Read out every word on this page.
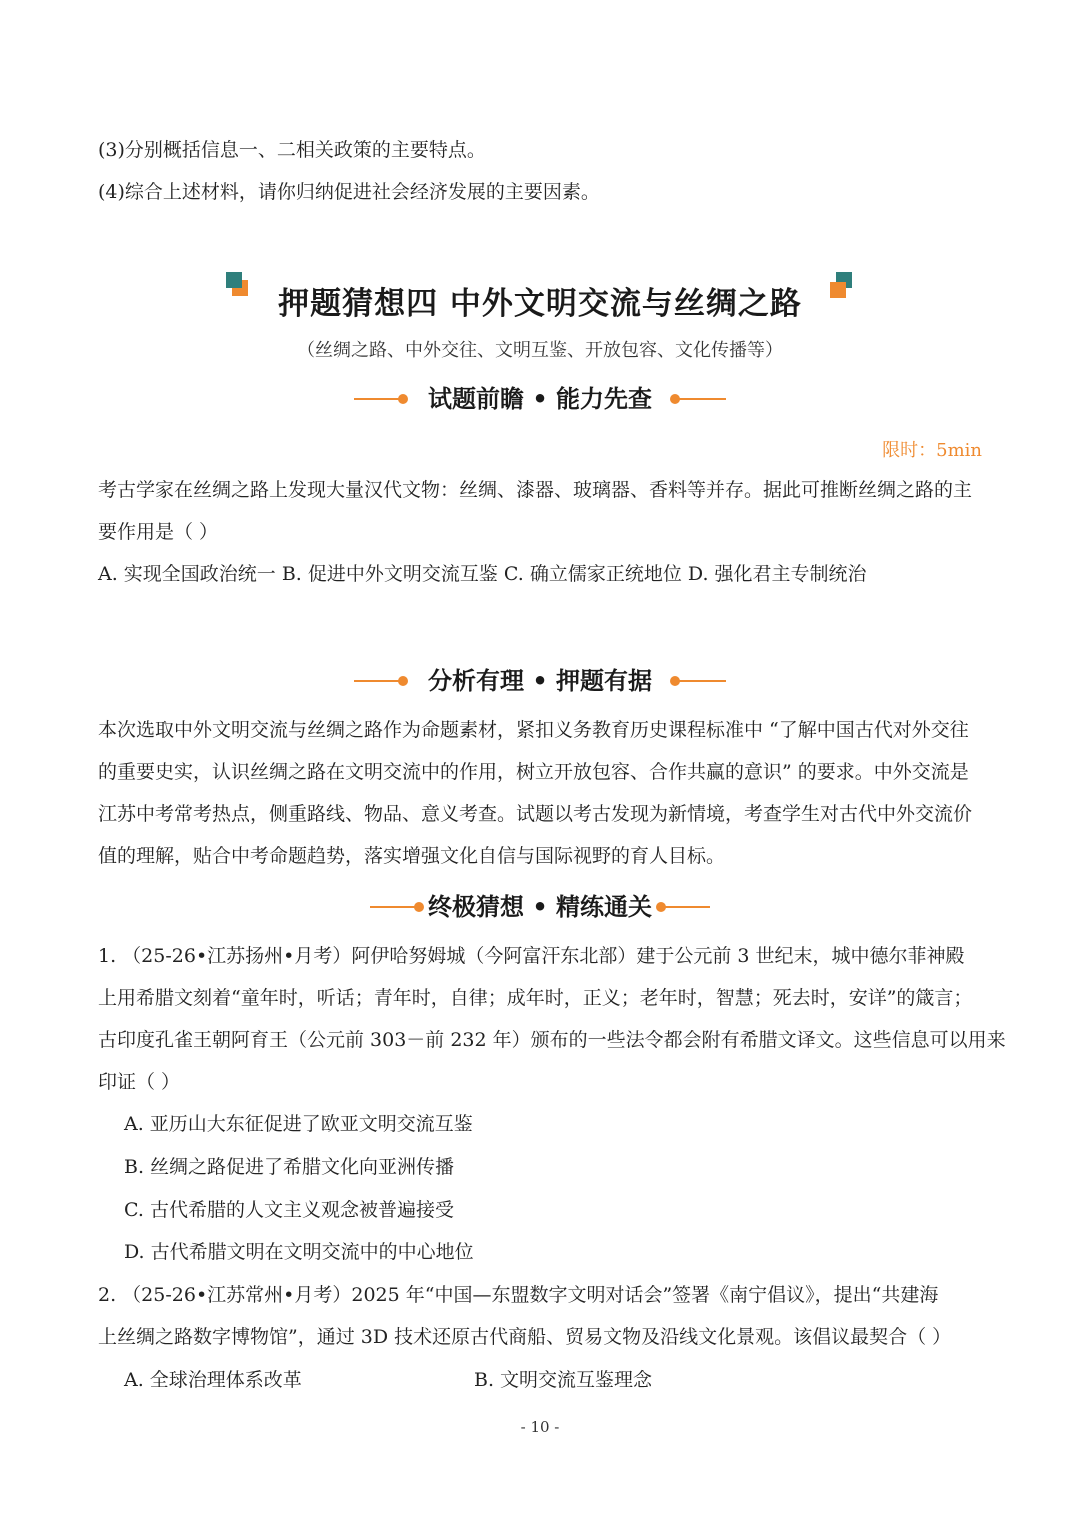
(3)分别概括信息一、二相关政策的主要特点。
(4)综合上述材料，请你归纳促进社会经济发展的主要因素。
押题猜想四 中外文明交流与丝绸之路
（丝绸之路、中外交往、文明互鉴、开放包容、文化传播等）
试题前瞻 • 能力先查
限时：5min
考古学家在丝绸之路上发现大量汉代文物：丝绸、漆器、玻璃器、香料等并存。据此可推断丝绸之路的主
要作用是（ ）
A. 实现全国政治统一 B. 促进中外文明交流互鉴 C. 确立儒家正统地位 D. 强化君主专制统治
分析有理 • 押题有据
本次选取中外文明交流与丝绸之路作为命题素材，紧扣义务教育历史课程标准中 “了解中国古代对外交往
的重要史实，认识丝绸之路在文明交流中的作用，树立开放包容、合作共赢的意识” 的要求。中外交流是
江苏中考常考热点，侧重路线、物品、意义考查。试题以考古发现为新情境，考查学生对古代中外交流价
值的理解，贴合中考命题趋势，落实增强文化自信与国际视野的育人目标。
终极猜想 • 精练通关
1. （25-26•江苏扬州•月考）阿伊哈努姆城（今阿富汗东北部）建于公元前 3 世纪末，城中德尔菲神殿
上用希腊文刻着“童年时，听话；青年时，自律；成年时，正义；老年时，智慧；死去时，安详”的箴言；
古印度孔雀王朝阿育王（公元前 303－前 232 年）颁布的一些法令都会附有希腊文译文。这些信息可以用来
印证（ ）
A. 亚历山大东征促进了欧亚文明交流互鉴
B. 丝绸之路促进了希腊文化向亚洲传播
C. 古代希腊的人文主义观念被普遍接受
D. 古代希腊文明在文明交流中的中心地位
2. （25-26•江苏常州•月考）2025 年“中国—东盟数字文明对话会”签署《南宁倡议》，提出“共建海
上丝绸之路数字博物馆”，通过 3D 技术还原古代商船、贸易文物及沿线文化景观。该倡议最契合（ ）
A. 全球治理体系改革	B. 文明交流互鉴理念
- 10 -
